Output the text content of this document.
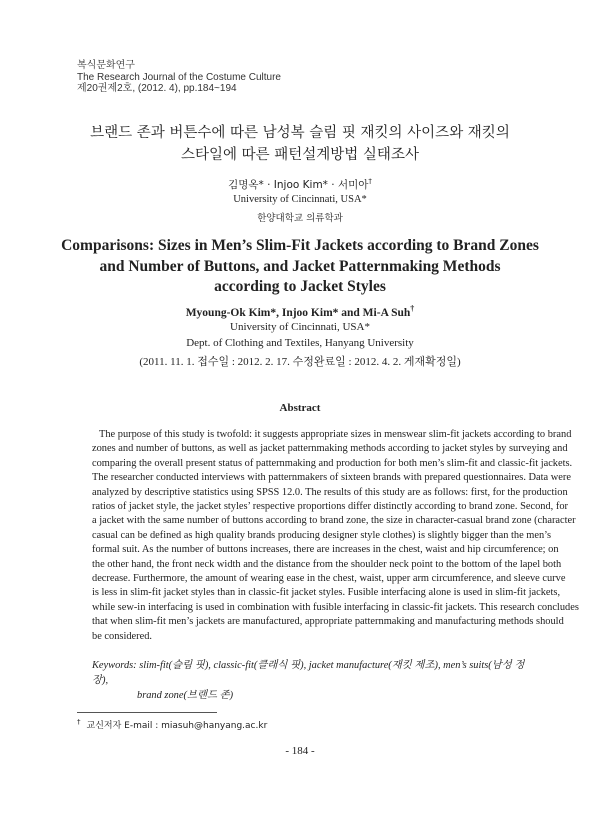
복식문화연구
The Research Journal of the Costume Culture
제20권제2호, (2012. 4), pp.184~194
브랜드 존과 버튼수에 따른 남성복 슬림 핏 재킷의 사이즈와 재킷의
스타일에 따른 패턴설계방법 실태조사
김명옥* · Injoo Kim* · 서미아†
University of Cincinnati, USA*
한양대학교 의류학과
Comparisons: Sizes in Men’s Slim-Fit Jackets according to Brand Zones
and Number of Buttons, and Jacket Patternmaking Methods
according to Jacket Styles
Myoung-Ok Kim*, Injoo Kim* and Mi-A Suh†
University of Cincinnati, USA*
Dept. of Clothing and Textiles, Hanyang University
(2011. 11. 1. 접수일 : 2012. 2. 17. 수정완료일 : 2012. 4. 2. 게재확정일)
Abstract
The purpose of this study is twofold: it suggests appropriate sizes in menswear slim-fit jackets according to brand
zones and number of buttons, as well as jacket patternmaking methods according to jacket styles by surveying and
comparing the overall present status of patternmaking and production for both men’s slim-fit and classic-fit jackets.
The researcher conducted interviews with patternmakers of sixteen brands with prepared questionnaires. Data were
analyzed by descriptive statistics using SPSS 12.0. The results of this study are as follows: first, for the production
ratios of jacket style, the jacket styles’ respective proportions differ distinctly according to brand zone. Second, for
a jacket with the same number of buttons according to brand zone, the size in character-casual brand zone (character
casual can be defined as high quality brands producing designer style clothes) is slightly bigger than the men’s
formal suit. As the number of buttons increases, there are increases in the chest, waist and hip circumference; on
the other hand, the front neck width and the distance from the shoulder neck point to the bottom of the lapel both
decrease. Furthermore, the amount of wearing ease in the chest, waist, upper arm circumference, and sleeve curve
is less in slim-fit jacket styles than in classic-fit jacket styles. Fusible interfacing alone is used in slim-fit jackets,
while sew-in interfacing is used in combination with fusible interfacing in classic-fit jackets. This research concludes
that when slim-fit men’s jackets are manufactured, appropriate patternmaking and manufacturing methods should
be considered.
Keywords: slim-fit(슬림 핏), classic-fit(클래식 핏), jacket manufacture(재킷 제조), men’s suits(남성 정장),
brand zone(브랜드 존)
† 교신저자 E-mail : miasuh@hanyang.ac.kr
- 184 -
